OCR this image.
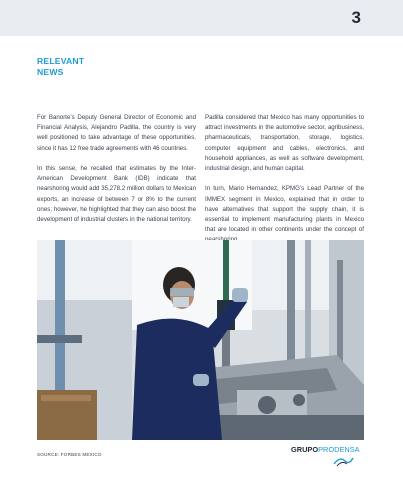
3
RELEVANT
NEWS

For Banorte’s Deputy General Director of Economic and Financial Analysis, Alejandro Padilla, the country is very well positioned to take advantage of these opportunities, since it has 12 free trade agreements with 46 countries.

In this sense, he recalled that estimates by the Inter-American Development Bank (IDB) indicate that nearshoring would add 35,278.2 million dollars to Mexican exports, an increase of between 7 or 8% to the current ones; however, he highlighted that they can also boost the development of industrial clusters in the national territory.

Padilla considered that Mexico has many opportunities to attract investments in the automotive sector, agribusiness, pharmaceuticals, transportation, storage, logistics, computer equipment and cables, electronics, and household appliances, as well as software development, industrial design, and human capital.

In turn, Mario Hernandez, KPMG’s Lead Partner of the IMMEX segment in Mexico, explained that in order to have alternatives that support the supply chain, it is essential to implement manufacturing plants in Mexico that are located in other continents under the concept of

SOURCE: FORBES MEXICO
GRUPOPRODENSA
